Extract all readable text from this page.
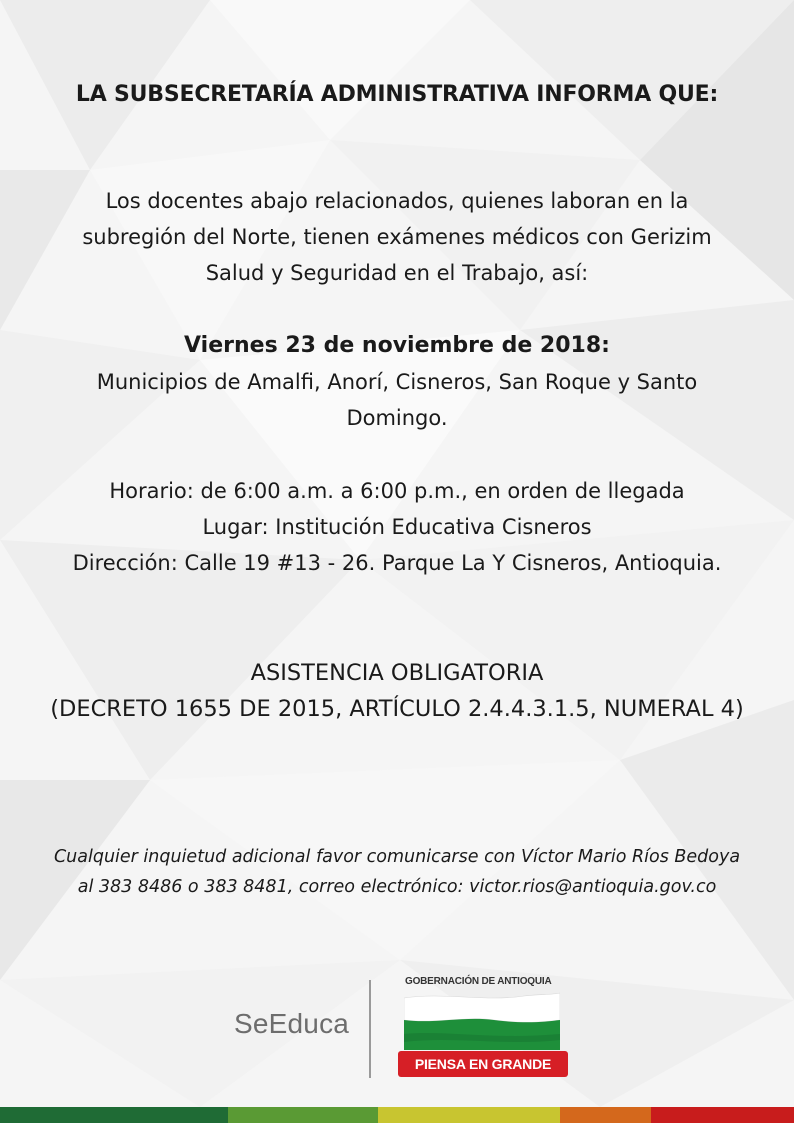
LA SUBSECRETARÍA ADMINISTRATIVA INFORMA QUE:
Los docentes abajo relacionados, quienes laboran en la
subregión del Norte, tienen exámenes médicos con Gerizim
Salud y Seguridad en el Trabajo, así:
Viernes 23 de noviembre de 2018:
Municipios de Amalfi, Anorí, Cisneros, San Roque y Santo
Domingo.
Horario: de 6:00 a.m. a 6:00 p.m., en orden de llegada
Lugar: Institución Educativa Cisneros
Dirección: Calle 19 #13 - 26. Parque La Y Cisneros, Antioquia.
ASISTENCIA OBLIGATORIA
(DECRETO 1655 DE 2015, ARTÍCULO 2.4.4.3.1.5, NUMERAL 4)
Cualquier inquietud adicional favor comunicarse con Víctor Mario Ríos Bedoya
al 383 8486 o 383 8481, correo electrónico: victor.rios@antioquia.gov.co
SeEduca
GOBERNACIÓN DE ANTIOQUIA
PIENSA EN GRANDE
